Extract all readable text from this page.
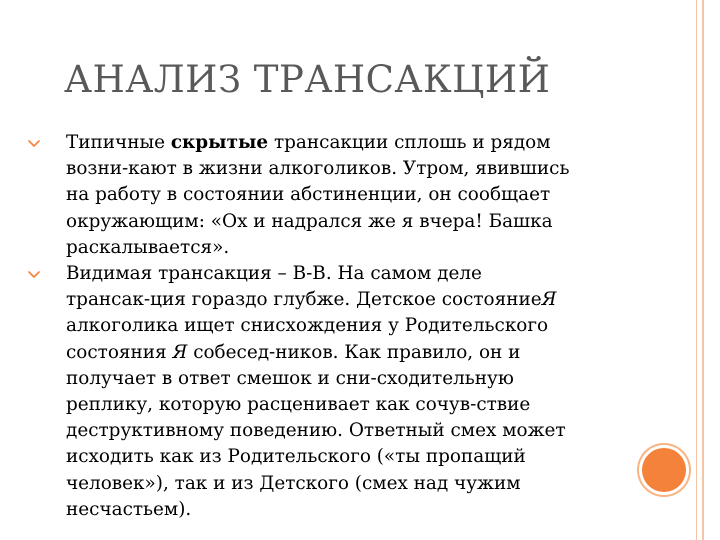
АНАЛИЗ ТРАНСАКЦИЙ
Типичные скрытые трансакции сплошь и рядом
возни-кают в жизни алкоголиков. Утром, явившись
на работу в состоянии абстиненции, он сообщает
окружающим: «Ох и надрался же я вчера! Башка
раскалывается».
Видимая трансакция – В-В. На самом деле
трансак-ция гораздо глубже. Детское состояниеЯ
алкоголика ищет снисхождения у Родительского
состояния Я собесед-ников. Как правило, он и
получает в ответ смешок и сни-сходительную
реплику, которую расценивает как сочув-ствие
деструктивному поведению. Ответный смех может
исходить как из Родительского («ты пропащий
человек»), так и из Детского (смех над чужим
несчастьем).
